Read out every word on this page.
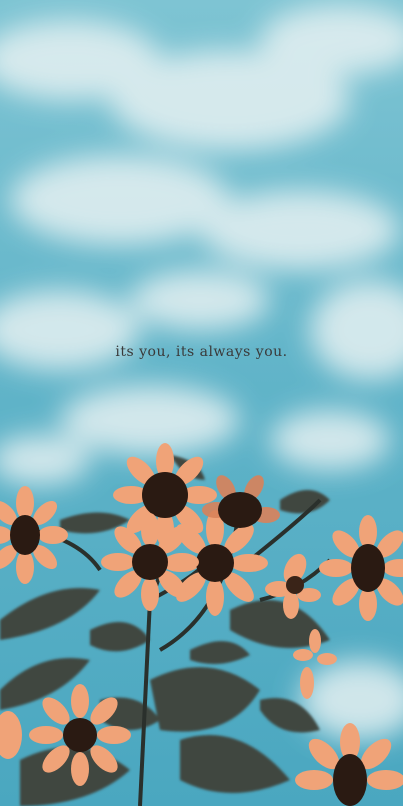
its you, its always you.
